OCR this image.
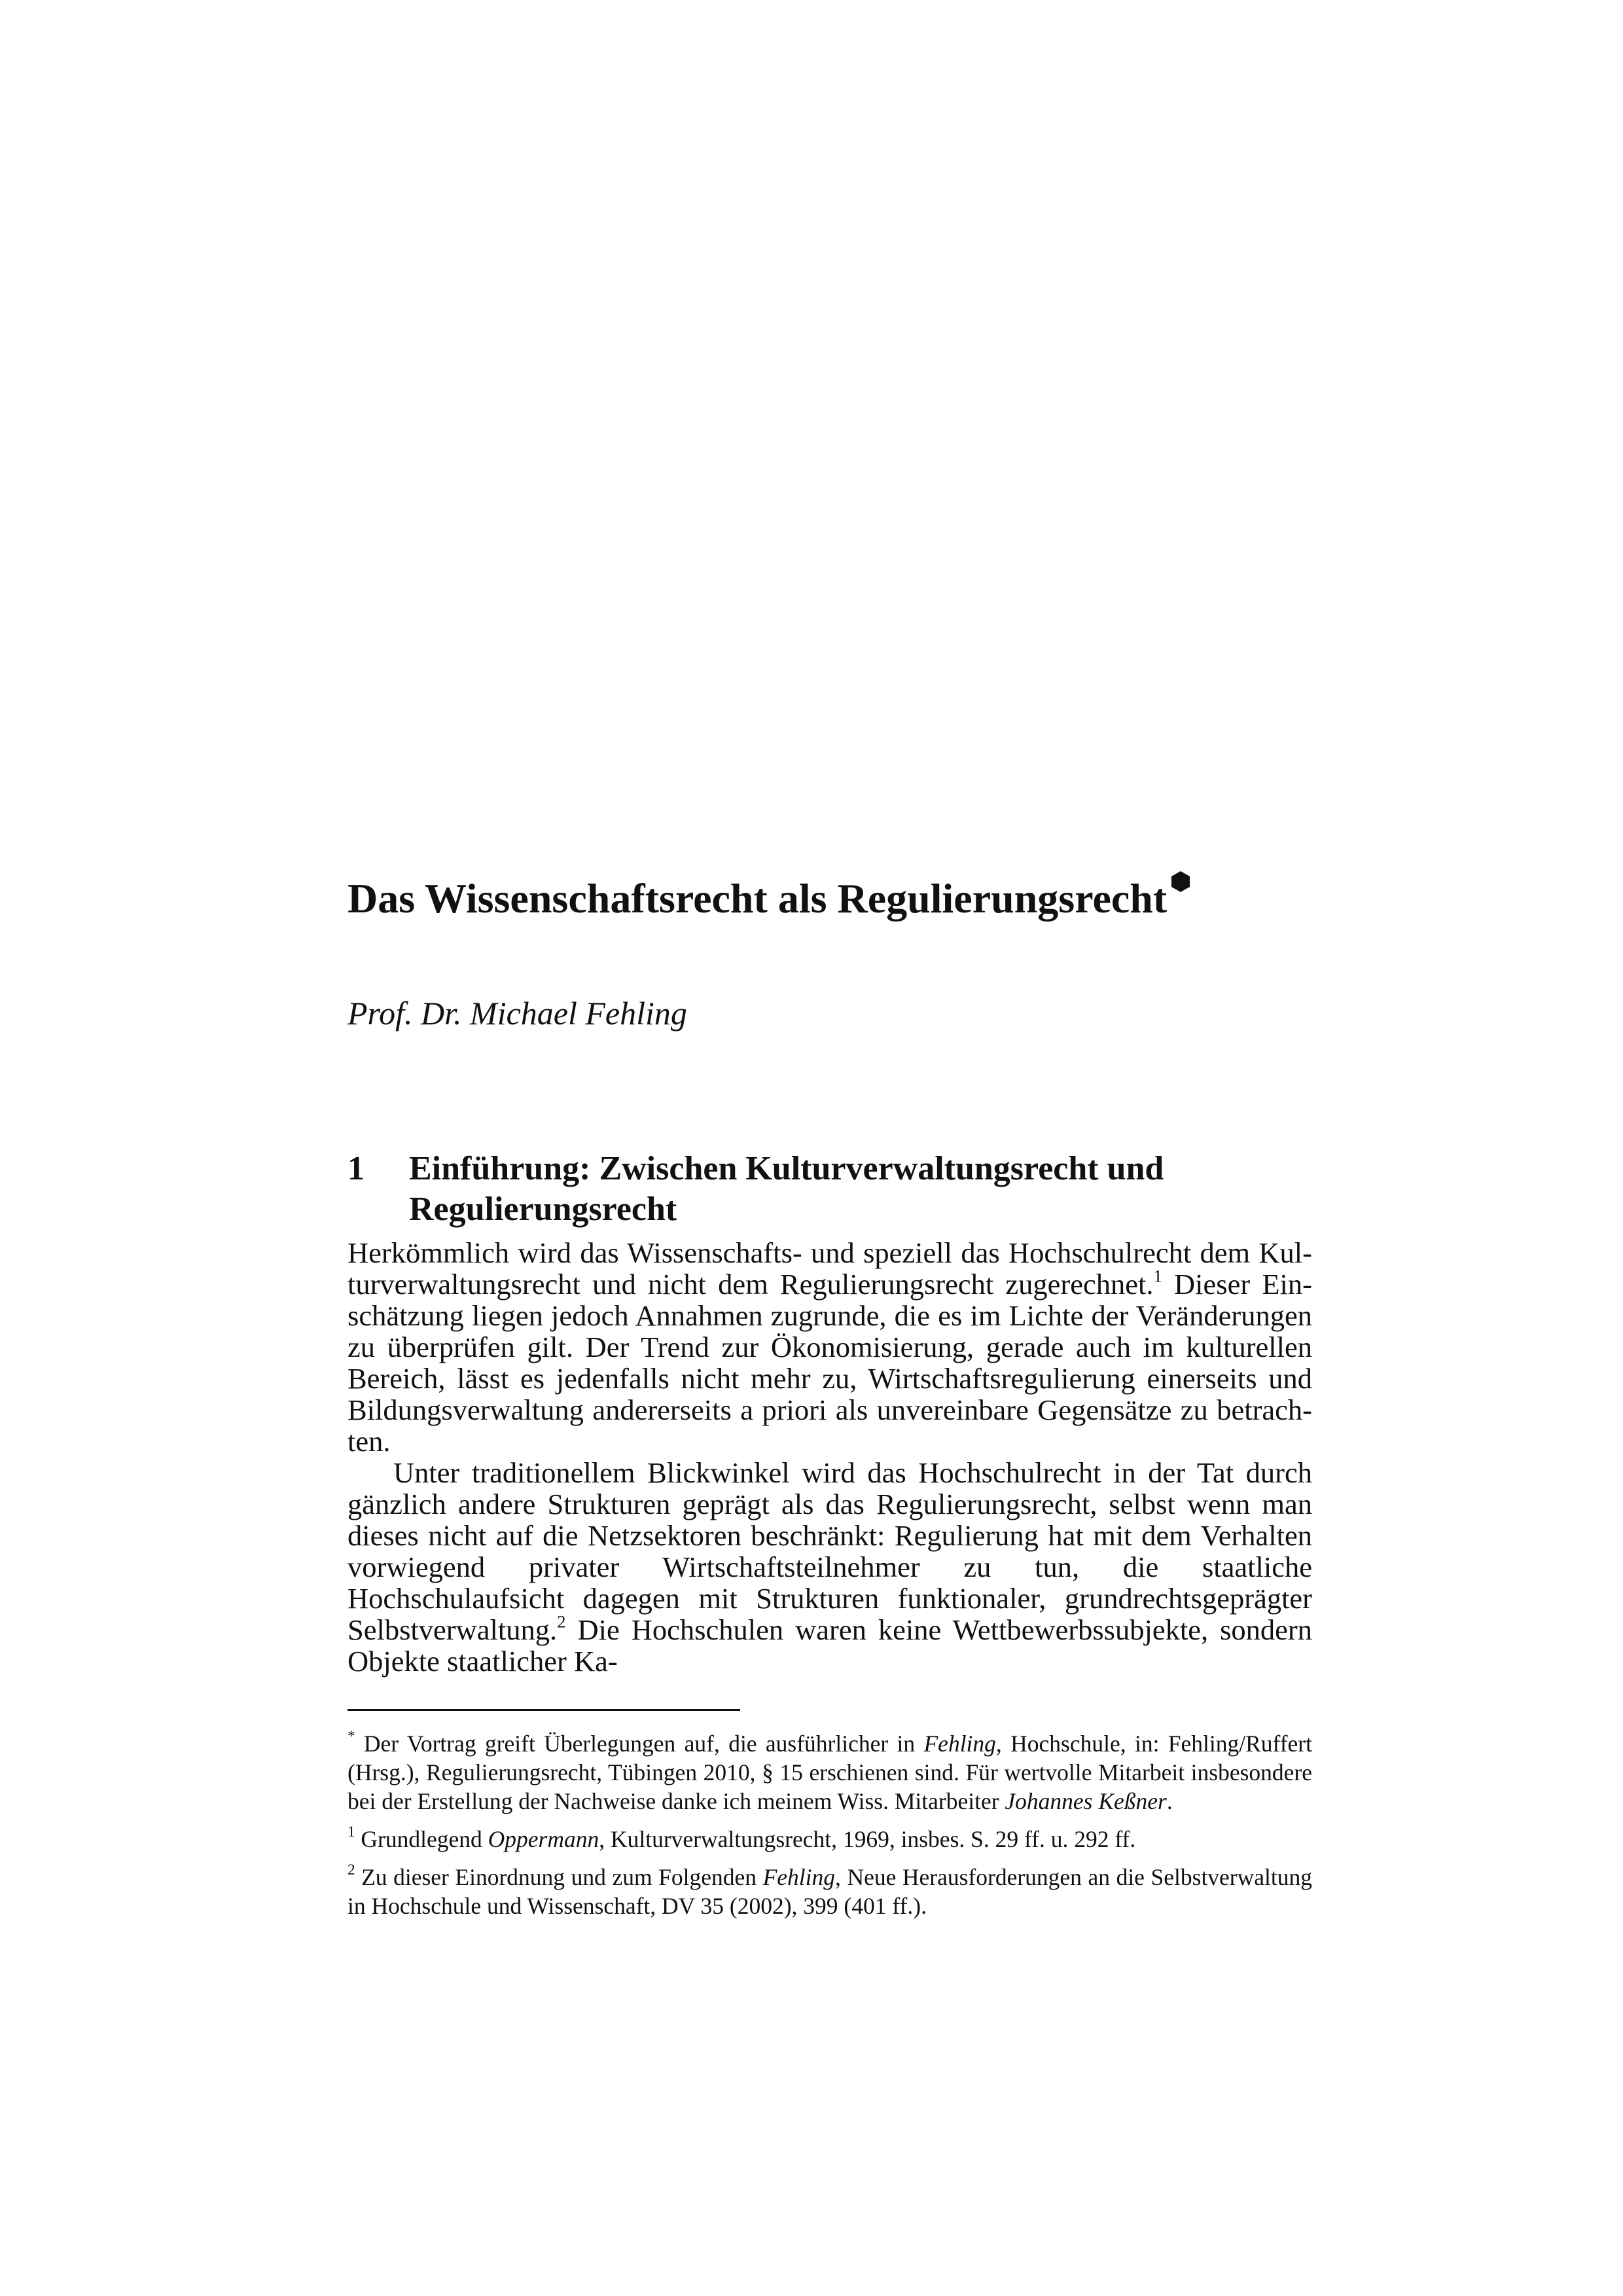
Das Wissenschaftsrecht als Regulierungsrecht
Prof. Dr. Michael Fehling
1	Einführung: Zwischen Kulturverwaltungsrecht und Regulierungsrecht

Herkömmlich wird das Wissenschafts- und speziell das Hochschulrecht dem Kulturverwaltungsrecht und nicht dem Regulierungsrecht zugerechnet.$^1$ Dieser Einschätzung liegen jedoch Annahmen zugrunde, die es im Lichte der Veränderungen zu überprüfen gilt. Der Trend zur Ökonomisierung, gerade auch im kulturellen Bereich, lässt es jedenfalls nicht mehr zu, Wirtschaftsregulierung einerseits und Bildungsverwaltung andererseits a priori als unvereinbare Gegensätze zu betrachten.

Unter traditionellem Blickwinkel wird das Hochschulrecht in der Tat durch gänzlich andere Strukturen geprägt als das Regulierungsrecht, selbst wenn man dieses nicht auf die Netzsektoren beschränkt: Regulierung hat mit dem Verhalten vorwiegend privater Wirtschaftsteilnehmer zu tun, die staatliche Hochschulaufsicht dagegen mit Strukturen funktionaler, grundrechtsgeprägter Selbstverwaltung.$^2$ Die Hochschulen waren keine Wettbewerbssubjekte, sondern Objekte staatlicher Ka-

* Der Vortrag greift Überlegungen auf, die ausführlicher in Fehling, Hochschule, in: Fehling/Ruffert (Hrsg.), Regulierungsrecht, Tübingen 2010, § 15 erschienen sind. Für wertvolle Mitarbeit insbesondere bei der Erstellung der Nachweise danke ich meinem Wiss. Mitarbeiter Johannes Keßner.

$^1$ Grundlegend Oppermann, Kulturverwaltungsrecht, 1969, insbes. S. 29 ff. u. 292 ff.

$^2$ Zu dieser Einordnung und zum Folgenden Fehling, Neue Herausforderungen an die Selbstverwaltung in Hochschule und Wissenschaft, DV 35 (2002), 399 (401 ff.).
